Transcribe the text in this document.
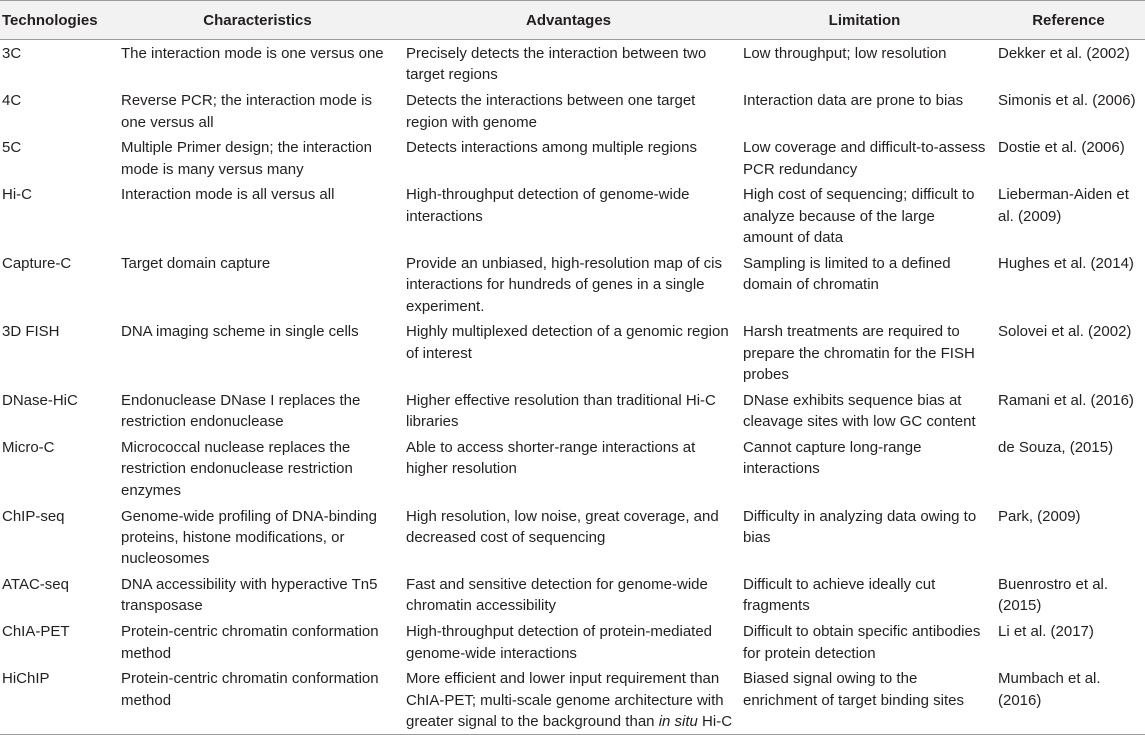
Technologies	Characteristics	Advantages	Limitation	Reference
3C	The interaction mode is one versus one	Precisely detects the interaction between two target regions	Low throughput; low resolution	Dekker et al. (2002)
4C	Reverse PCR; the interaction mode is one versus all	Detects the interactions between one target region with genome	Interaction data are prone to bias	Simonis et al. (2006)
5C	Multiple Primer design; the interaction mode is many versus many	Detects interactions among multiple regions	Low coverage and difficult-to-assess PCR redundancy	Dostie et al. (2006)
Hi-C	Interaction mode is all versus all	High-throughput detection of genome-wide interactions	High cost of sequencing; difficult to analyze because of the large amount of data	Lieberman-Aiden et al. (2009)
Capture-C	Target domain capture	Provide an unbiased, high-resolution map of cis interactions for hundreds of genes in a single experiment.	Sampling is limited to a defined domain of chromatin	Hughes et al. (2014)
3D FISH	DNA imaging scheme in single cells	Highly multiplexed detection of a genomic region of interest	Harsh treatments are required to prepare the chromatin for the FISH probes	Solovei et al. (2002)
DNase-HiC	Endonuclease DNase I replaces the restriction endonuclease	Higher effective resolution than traditional Hi-C libraries	DNase exhibits sequence bias at cleavage sites with low GC content	Ramani et al. (2016)
Micro-C	Micrococcal nuclease replaces the restriction endonuclease restriction enzymes	Able to access shorter-range interactions at higher resolution	Cannot capture long-range interactions	de Souza, (2015)
ChIP-seq	Genome-wide profiling of DNA-binding proteins, histone modifications, or nucleosomes	High resolution, low noise, great coverage, and decreased cost of sequencing	Difficulty in analyzing data owing to bias	Park, (2009)
ATAC-seq	DNA accessibility with hyperactive Tn5 transposase	Fast and sensitive detection for genome-wide chromatin accessibility	Difficult to achieve ideally cut fragments	Buenrostro et al. (2015)
ChIA-PET	Protein-centric chromatin conformation method	High-throughput detection of protein-mediated genome-wide interactions	Difficult to obtain specific antibodies for protein detection	Li et al. (2017)
HiChIP	Protein-centric chromatin conformation method	More efficient and lower input requirement than ChIA-PET; multi-scale genome architecture with greater signal to the background than in situ Hi-C	Biased signal owing to the enrichment of target binding sites	Mumbach et al. (2016)
